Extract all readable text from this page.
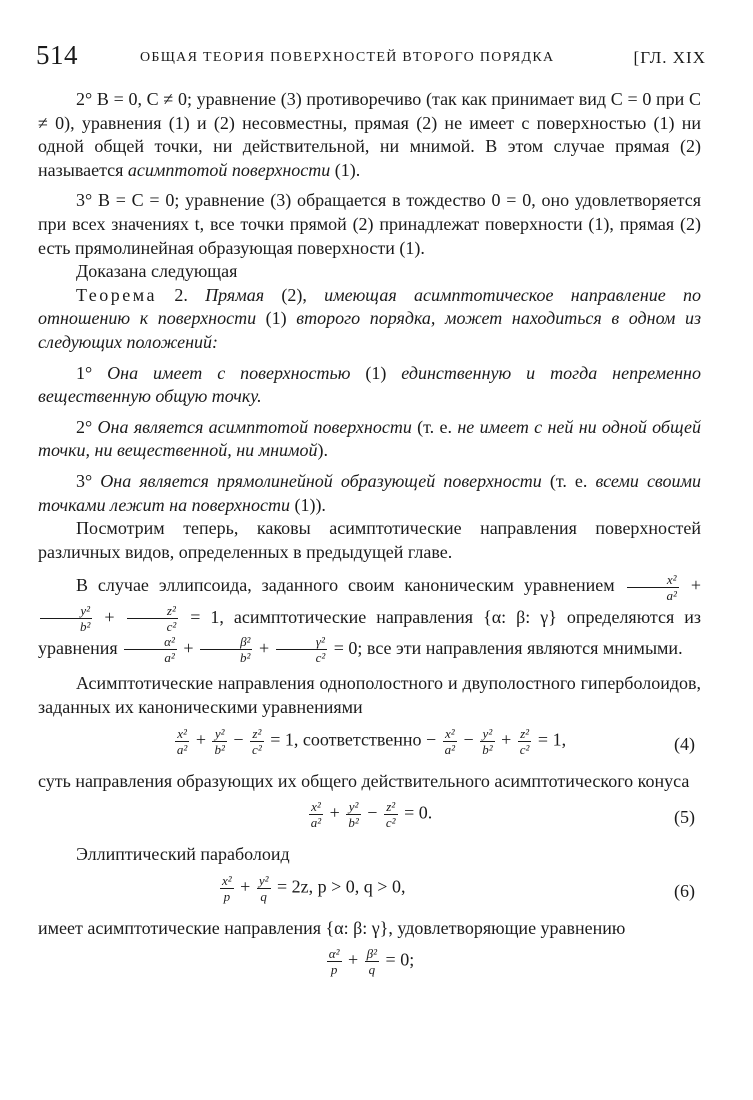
514	ОБЩАЯ ТЕОРИЯ ПОВЕРХНОСТЕЙ ВТОРОГО ПОРЯДКА	[ГЛ. XIX

2° B = 0, C ≠ 0; уравнение (3) противоречиво (так как принимает вид C = 0 при C ≠ 0), уравнения (1) и (2) несовместны, прямая (2) не имеет с поверхностью (1) ни одной общей точки, ни действительной, ни мнимой. В этом случае прямая (2) называется асимптотой поверхности (1).

3° B = C = 0; уравнение (3) обращается в тождество 0 = 0, оно удовлетворяется при всех значениях t, все точки прямой (2) принадлежат поверхности (1), прямая (2) есть прямолинейная образующая поверхности (1).

Доказана следующая

Теорема 2. Прямая (2), имеющая асимптотическое направление по отношению к поверхности (1) второго порядка, может находиться в одном из следующих положений:

1° Она имеет с поверхностью (1) единственную и тогда непременно вещественную общую точку.

2° Она является асимптотой поверхности (т. е. не имеет с ней ни одной общей точки, ни вещественной, ни мнимой).

3° Она является прямолинейной образующей поверхности (т. е. всеми своими точками лежит на поверхности (1)).

Посмотрим теперь, каковы асимптотические направления поверхностей различных видов, определенных в предыдущей главе.

В случае эллипсоида, заданного своим каноническим уравнением $\frac{\text{x²}}{\text{a²}}$ +
$\frac{\text{y²}}{\text{b²}} + \frac{\text{z²}}{\text{c²}} = 1$, асимптотические направления {α: β: γ} определяются из уравнения $\frac{\text{α²}}{\text{a²}} + \frac{\text{β²}}{\text{b²}} + \frac{\text{γ²}}{\text{c²}} = 0$; все эти направления являются мнимыми.

Асимптотические направления однополостного и двуполостного гиперболоидов, заданных их каноническими уравнениями

$\frac{\text{x²}}{\text{a²}} + \frac{\text{y²}}{\text{b²}} - \frac{\text{z²}}{\text{c²}} = 1$, соответственно − $\frac{\text{x²}}{\text{a²}} - \frac{\text{y²}}{\text{b²}} + \frac{\text{z²}}{\text{c²}} = 1$,	(4)

суть направления образующих их общего действительного асимптотического конуса

$\frac{\text{x²}}{\text{a²}} + \frac{\text{y²}}{\text{b²}} - \frac{\text{z²}}{\text{c²}} = 0$.	(5)

Эллиптический параболоид

$\frac{\text{x²}}{p} + \frac{\text{y²}}{q} = 2z$, p > 0, q > 0,	(6)

имеет асимптотические направления {α: β: γ}, удовлетворяющие уравнению

$\frac{\text{α²}}{p} + \frac{\text{β²}}{q} = 0$;
